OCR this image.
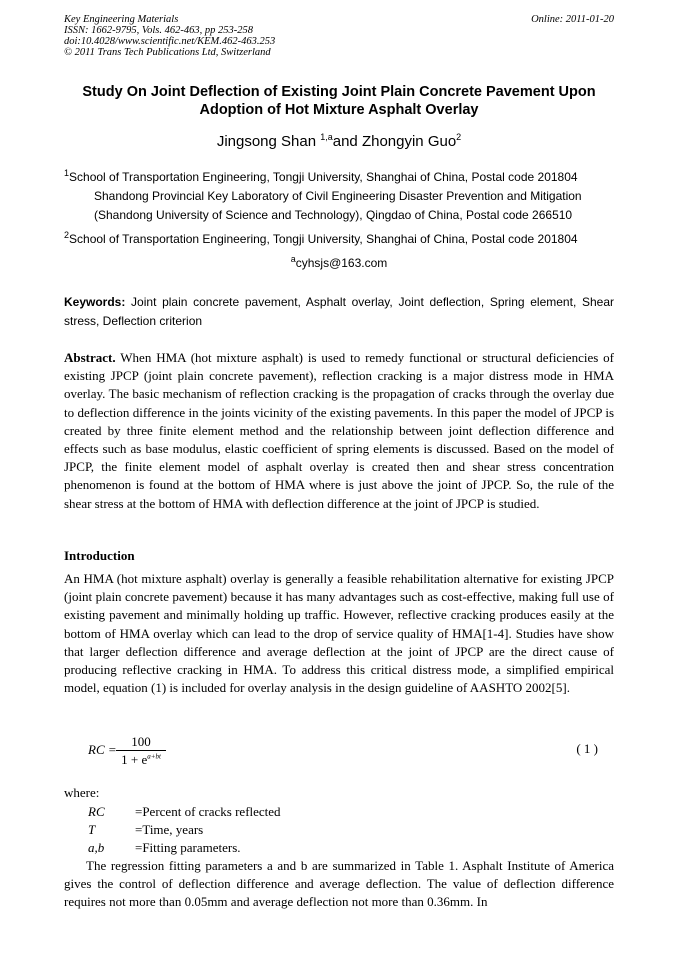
Key Engineering Materials
ISSN: 1662-9795, Vols. 462-463, pp 253-258
doi:10.4028/www.scientific.net/KEM.462-463.253
© 2011 Trans Tech Publications Ltd, Switzerland
Online: 2011-01-20
Study On Joint Deflection of Existing Joint Plain Concrete Pavement Upon Adoption of Hot Mixture Asphalt Overlay
Jingsong Shan $^{1,a}$and Zhongyin Guo$^2$
$^1$School of Transportation Engineering, Tongji University, Shanghai of China, Postal code 201804
Shandong Provincial Key Laboratory of Civil Engineering Disaster Prevention and Mitigation
(Shandong University of Science and Technology), Qingdao of China, Postal code 266510
$^2$School of Transportation Engineering, Tongji University, Shanghai of China, Postal code 201804
$^a$cyhsjs@163.com
Keywords: Joint plain concrete pavement, Asphalt overlay, Joint deflection, Spring element, Shear stress, Deflection criterion
Abstract. When HMA (hot mixture asphalt) is used to remedy functional or structural deficiencies of existing JPCP (joint plain concrete pavement), reflection cracking is a major distress mode in HMA overlay. The basic mechanism of reflection cracking is the propagation of cracks through the overlay due to deflection difference in the joints vicinity of the existing pavements. In this paper the model of JPCP is created by three finite element method and the relationship between joint deflection difference and effects such as base modulus, elastic coefficient of spring elements is discussed. Based on the model of JPCP, the finite element model of asphalt overlay is created then and shear stress concentration phenomenon is found at the bottom of HMA where is just above the joint of JPCP. So, the rule of the shear stress at the bottom of HMA with deflection difference at the joint of JPCP is studied.
Introduction
An HMA (hot mixture asphalt) overlay is generally a feasible rehabilitation alternative for existing JPCP (joint plain concrete pavement) because it has many advantages such as cost-effective, making full use of existing pavement and minimally holding up traffic. However, reflective cracking produces easily at the bottom of HMA overlay which can lead to the drop of service quality of HMA[1-4]. Studies have show that larger deflection difference and average deflection at the joint of JPCP are the direct cause of producing reflective cracking in HMA. To address this critical distress mode, a simplified empirical model, equation (1) is included for overlay analysis in the design guideline of AASHTO 2002[5].
RC =
100
$1 + e^{a+bt}$
( 1 )
where:
RC =Percent of cracks reflected
T	=Time, years
a,b =Fitting parameters.
The regression fitting parameters a and b are summarized in Table 1. Asphalt Institute of America gives the control of deflection difference and average deflection. The value of deflection difference requires not more than 0.05mm and average deflection not more than 0.36mm. In
